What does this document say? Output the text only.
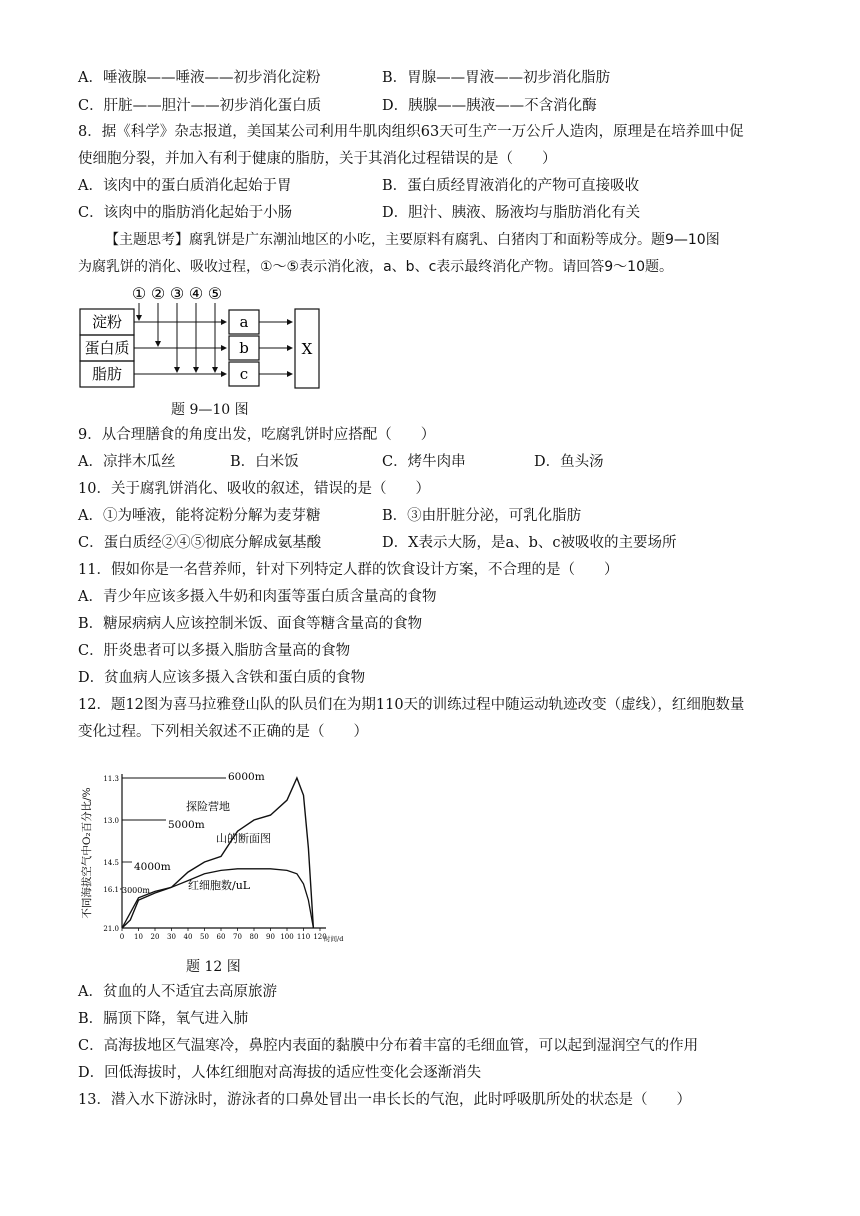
A．唾液腺——唾液——初步消化淀粉	B．胃腺——胃液——初步消化脂肪
C．肝脏——胆汁——初步消化蛋白质	D．胰腺——胰液——不含消化酶
8．据《科学》杂志报道，美国某公司利用牛肌肉组织63天可生产一万公斤人造肉，原理是在培养皿中促
使细胞分裂，并加入有利于健康的脂肪，关于其消化过程错误的是（　　）
A．该肉中的蛋白质消化起始于胃	B．蛋白质经胃液消化的产物可直接吸收
C．该肉中的脂肪消化起始于小肠	D．胆汁、胰液、肠液均与脂肪消化有关
【主题思考】腐乳饼是广东潮汕地区的小吃，主要原料有腐乳、白猪肉丁和面粉等成分。题9—10图
为腐乳饼的消化、吸收过程，①～⑤表示消化液，a、b、c表示最终消化产物。请回答9～10题。
① ② ③ ④ ⑤
淀粉
蛋白质
脂肪
a
b
c
X
题 9—10 图
9．从合理膳食的角度出发，吃腐乳饼时应搭配（　　）
A．凉拌木瓜丝	B．白米饭	C．烤牛肉串	D．鱼头汤
10．关于腐乳饼消化、吸收的叙述，错误的是（　　）
A．①为唾液，能将淀粉分解为麦芽糖	B．③由肝脏分泌，可乳化脂肪
C．蛋白质经②④⑤彻底分解成氨基酸	D．X表示大肠，是a、b、c被吸收的主要场所
11．假如你是一名营养师，针对下列特定人群的饮食设计方案，不合理的是（　　）
A．青少年应该多摄入牛奶和肉蛋等蛋白质含量高的食物
B．糖尿病病人应该控制米饭、面食等糖含量高的食物
C．肝炎患者可以多摄入脂肪含量高的食物
D．贫血病人应该多摄入含铁和蛋白质的食物
12．题12图为喜马拉雅登山队的队员们在为期110天的训练过程中随运动轨迹改变（虚线），红细胞数量
变化过程。下列相关叙述不正确的是（　　）
不同海拔空气中O₂百分比/%
11.3
13.0
14.5
16.1
21.0
0 10 20 30 40 50 60 70 80 90 100 110 120
6000m
5000m
4000m
3000m
探险营地
山的断面图
红细胞数/uL
时间/d
题 12 图
A．贫血的人不适宜去高原旅游
B．膈顶下降，氧气进入肺
C．高海拔地区气温寒冷，鼻腔内表面的黏膜中分布着丰富的毛细血管，可以起到湿润空气的作用
D．回低海拔时，人体红细胞对高海拔的适应性变化会逐渐消失
13．潜入水下游泳时，游泳者的口鼻处冒出一串长长的气泡，此时呼吸肌所处的状态是（　　）
